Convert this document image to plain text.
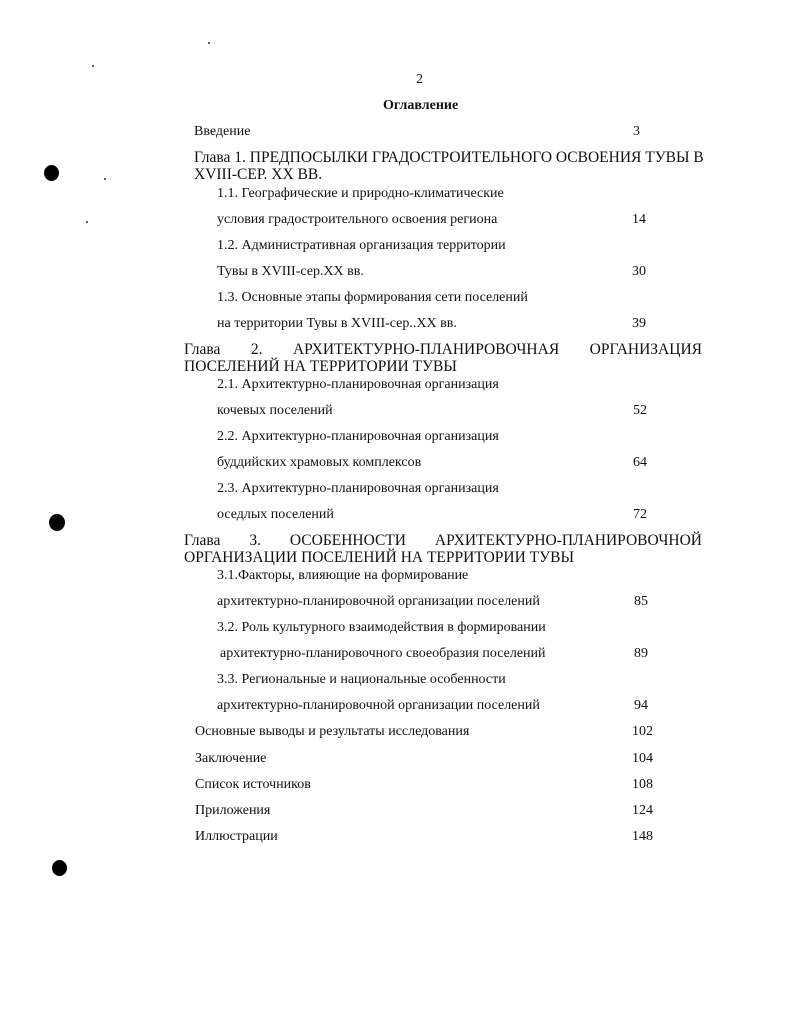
2
Оглавление
Введение	3
Глава 1. ПРЕДПОСЫЛКИ ГРАДОСТРОИТЕЛЬНОГО ОСВОЕНИЯ ТУВЫ В
XVIII-СЕР. XX ВВ.
1.1. Географические и природно-климатические
условия градостроительного освоения региона	14
1.2. Административная организация территории
Тувы в XVIII-сер.XX вв.	30
1.3. Основные этапы формирования сети поселений
на территории Тувы в XVIII-сер..XX вв.	39
Глава 2. АРХИТЕКТУРНО-ПЛАНИРОВОЧНАЯ ОРГАНИЗАЦИЯ
ПОСЕЛЕНИЙ НА ТЕРРИТОРИИ ТУВЫ
2.1. Архитектурно-планировочная организация
кочевых поселений	52
2.2. Архитектурно-планировочная организация
буддийских храмовых комплексов	64
2.3. Архитектурно-планировочная организация
оседлых поселений	72
Глава 3. ОСОБЕННОСТИ АРХИТЕКТУРНО-ПЛАНИРОВОЧНОЙ
ОРГАНИЗАЦИИ ПОСЕЛЕНИЙ НА ТЕРРИТОРИИ ТУВЫ
3.1.Факторы, влияющие на формирование
архитектурно-планировочной организации поселений	85
3.2. Роль культурного взаимодействия в формировании
архитектурно-планировочного своеобразия поселений	89
3.3. Региональные и национальные особенности
архитектурно-планировочной организации поселений	94
Основные выводы и результаты исследования	102
Заключение	104
Список источников	108
Приложения	124
Иллюстрации	148
